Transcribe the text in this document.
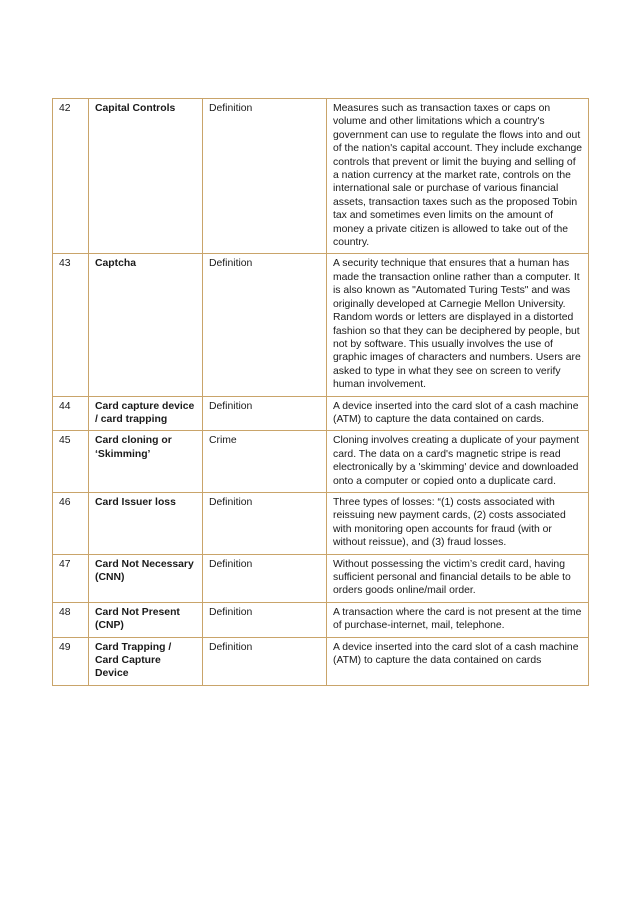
42	Capital Controls	Definition	Measures such as transaction taxes or caps on volume and other limitations which a country's government can use to regulate the flows into and out of the nation's capital account. They include exchange controls that prevent or limit the buying and selling of a nation currency at the market rate, controls on the international sale or purchase of various financial assets, transaction taxes such as the proposed Tobin tax and sometimes even limits on the amount of money a private citizen is allowed to take out of the country.
43	Captcha	Definition	A security technique that ensures that a human has made the transaction online rather than a computer. It is also known as "Automated Turing Tests" and was originally developed at Carnegie Mellon University. Random words or letters are displayed in a distorted fashion so that they can be deciphered by people, but not by software. This usually involves the use of graphic images of characters and numbers. Users are asked to type in what they see on screen to verify human involvement.
44	Card capture device / card trapping	Definition	A device inserted into the card slot of a cash machine (ATM) to capture the data contained on cards.
45	Card cloning or ‘Skimming’	Crime	Cloning involves creating a duplicate of your payment card. The data on a card's magnetic stripe is read electronically by a 'skimming' device and downloaded onto a computer or copied onto a duplicate card.
46	Card Issuer loss	Definition	Three types of losses: “(1) costs associated with reissuing new payment cards, (2) costs associated with monitoring open accounts for fraud (with or without reissue), and (3) fraud losses.
47	Card Not Necessary (CNN)	Definition	Without possessing the victim’s credit card, having sufficient personal and financial details to be able to orders goods online/mail order.
48	Card Not Present (CNP)	Definition	A transaction where the card is not present at the time of purchase-internet, mail, telephone.
49	Card Trapping / Card Capture Device	Definition	A device inserted into the card slot of a cash machine (ATM) to capture the data contained on cards
